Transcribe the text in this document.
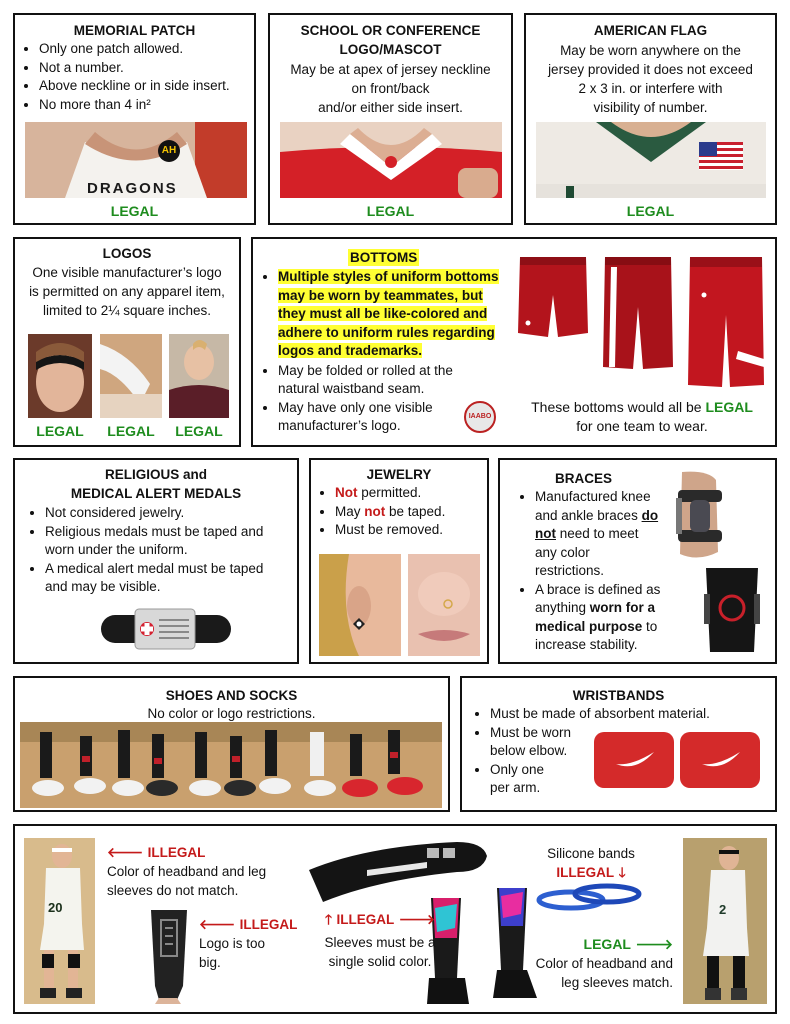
MEMORIAL PATCH
• Only one patch allowed.
• Not a number.
• Above neckline or in side insert.
• No more than 4 in²
AH
DRAGONS
LEGAL
SCHOOL OR CONFERENCE
LOGO/MASCOT
May be at apex of jersey neckline
on front/back
and/or either side insert.
LEGAL
AMERICAN FLAG
May be worn anywhere on the
jersey provided it does not exceed
2 x 3 in. or interfere with
visibility of number.
LEGAL
LOGOS
One visible manufacturer’s logo
is permitted on any apparel item,
limited to 2¼ square inches.
LEGAL	LEGAL	LEGAL
BOTTOMS
• Multiple styles of uniform bottoms
may be worn by teammates, but
they must all be like-colored and
adhere to uniform rules regarding
logos and trademarks.
• May be folded or rolled at the
natural waistband seam.
• May have only one visible
manufacturer’s logo.
IAABO
These bottoms would all be LEGAL
for one team to wear.
RELIGIOUS and
MEDICAL ALERT MEDALS
• Not considered jewelry.
• Religious medals must be taped and
worn under the uniform.
• A medical alert medal must be taped
and may be visible.
JEWELRY
• Not permitted.
• May not be taped.
• Must be removed.
BRACES
• Manufactured knee
and ankle braces do
not need to meet
any color
restrictions.
• A brace is defined as
anything worn for a
medical purpose to
increase stability.
SHOES AND SOCKS
No color or logo restrictions.
WRISTBANDS
• Must be made of absorbent material.
• Must be worn
below elbow.
• Only one
per arm.
20
🡐 ILLEGAL
Color of headband and leg
sleeves do not match.
🡐 ILLEGAL
Logo is too
big.
🡑 ILLEGAL 🡒
Sleeves must be a
single solid color.
Silicone bands
ILLEGAL 🡓
LEGAL 🡒
Color of headband and
leg sleeves match.
2
